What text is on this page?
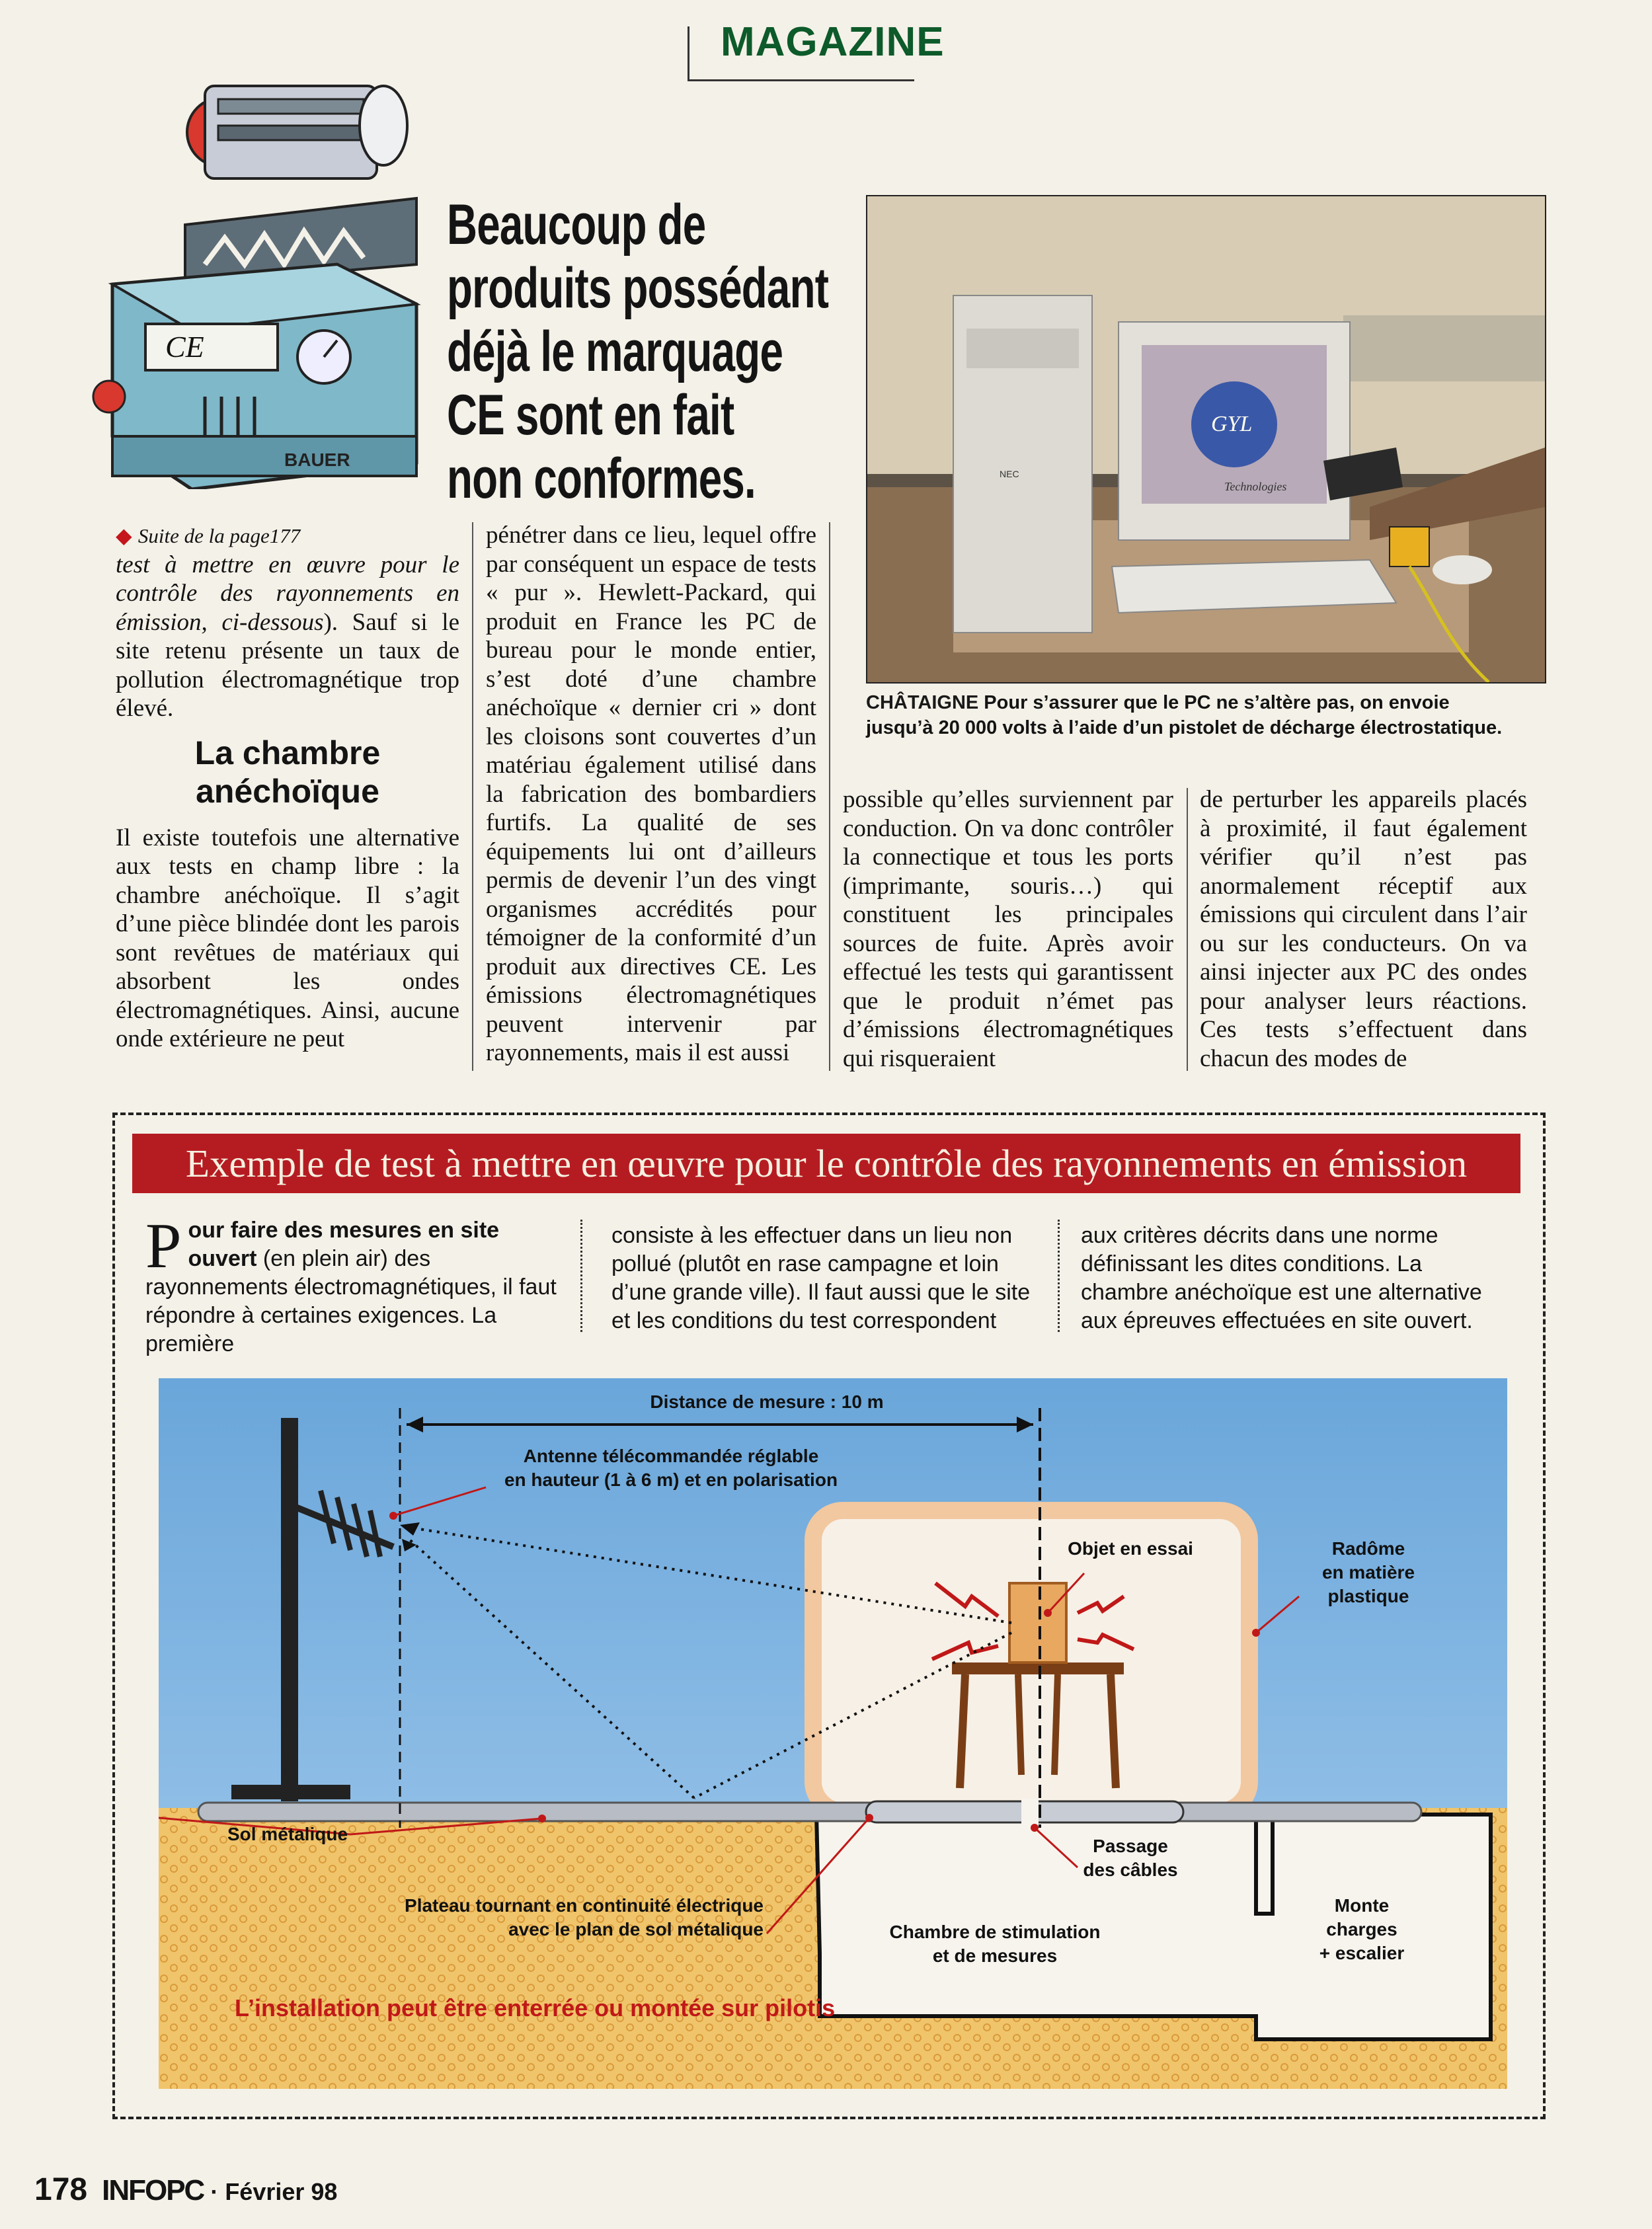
MAGAZINE
CE
BAUER
Beaucoup de
produits possédant
déjà le marquage
CE sont en fait
non conformes.	NEC
GYL
Technologies
CHÂTAIGNE Pour s’assurer que le PC ne s’altère pas, on envoie
jusqu’à 20 000 volts à l’aide d’un pistolet de décharge électrostatique.

◆ Suite de la page177

test à mettre en œuvre pour le contrôle des rayonnements en émission, ci-dessous). Sauf si le site retenu présente un taux de pollution électromagnétique trop élevé.

La chambre
anéchoïque

Il existe toutefois une alternative aux tests en champ libre : la chambre anéchoïque. Il s’agit d’une pièce blindée dont les parois sont revêtues de matériaux qui absorbent les ondes électromagnétiques. Ainsi, aucune onde extérieure ne peut

pénétrer dans ce lieu, lequel offre par conséquent un espace de tests « pur ». Hewlett-Packard, qui produit en France les PC de bureau pour le monde entier, s’est doté d’une chambre anéchoïque « dernier cri » dont les cloisons sont couvertes d’un matériau également utilisé dans la fabrication des bombardiers furtifs. La qualité de ses équipements lui ont d’ailleurs permis de devenir l’un des vingt organismes accrédités pour témoigner de la conformité d’un produit aux directives CE. Les émissions électromagnétiques peuvent intervenir par rayonnements, mais il est aussi

possible qu’elles surviennent par conduction. On va donc contrôler la connectique et tous les ports (imprimante, souris…) qui constituent les principales sources de fuite. Après avoir effectué les tests qui garantissent que le produit n’émet pas d’émissions électromagnétiques qui risqueraient

de perturber les appareils placés à proximité, il faut également vérifier qu’il n’est pas anormalement réceptif aux émissions qui circulent dans l’air ou sur les conducteurs. On va ainsi injecter aux PC des ondes pour analyser leurs réactions. Ces tests s’effectuent dans chacun des modes de

Exemple de test à mettre en œuvre pour le contrôle des rayonnements en émission
P our faire des mesures en site ouvert (en plein air) des rayonnements électromagnétiques, il faut répondre à certaines exigences. La première

consiste à les effectuer dans un lieu non pollué (plutôt en rase campagne et loin d’une grande ville). Il faut aussi que le site et les conditions du test correspondent

aux critères décrits dans une norme définissant les dites conditions. La chambre anéchoïque est une alternative aux épreuves effectuées en site ouvert.

Distance de mesure : 10 m
Antenne télécommandée réglable
en hauteur (1 à 6 m) et en polarisation
Objet en essai	Radôme
en matière
plastique
Sol métalique
Plateau tournant en continuité électrique
avec le plan de sol métalique
Passage
des câbles
Chambre de stimulation
et de mesures
Monte
charges
+ escalier
L’installation peut être enterrée ou montée sur pilotis
178 INFOPC · Février 98
